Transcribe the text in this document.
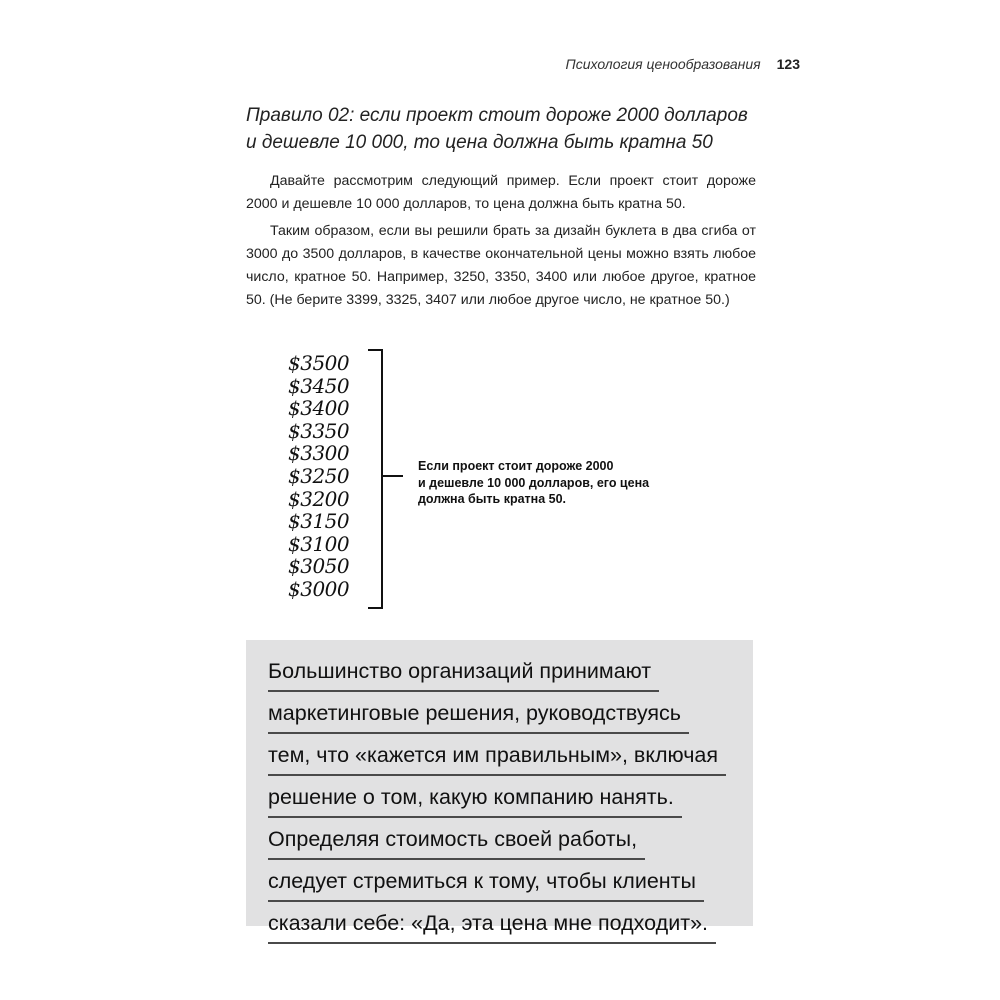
Психология ценообразования 123
Правило 02: если проект стоит дороже 2000 долларов
и дешевле 10 000, то цена должна быть кратна 50

Давайте рассмотрим следующий пример. Если проект стоит дороже 2000 и дешевле 10 000 долларов, то цена должна быть кратна 50.

Таким образом, если вы решили брать за дизайн буклета в два сгиба от 3000 до 3500 долларов, в качестве окончательной цены можно взять любое число, кратное 50. Например, 3250, 3350, 3400 или любое другое, кратное 50. (Не берите 3399, 3325, 3407 или любое другое число, не кратное 50.)

$3500
$3450
$3400
$3350
$3300
$3250
$3200
$3150
$3100
$3050
$3000
Если проект стоит дороже 2000
и дешевле 10 000 долларов, его цена
должна быть кратна 50.
Большинство организаций принимают
маркетинговые решения, руководствуясь
тем, что «кажется им правильным», включая
решение о том, какую компанию нанять.
Определяя стоимость своей работы,
следует стремиться к тому, чтобы клиенты
сказали себе: «Да, эта цена мне подходит».
